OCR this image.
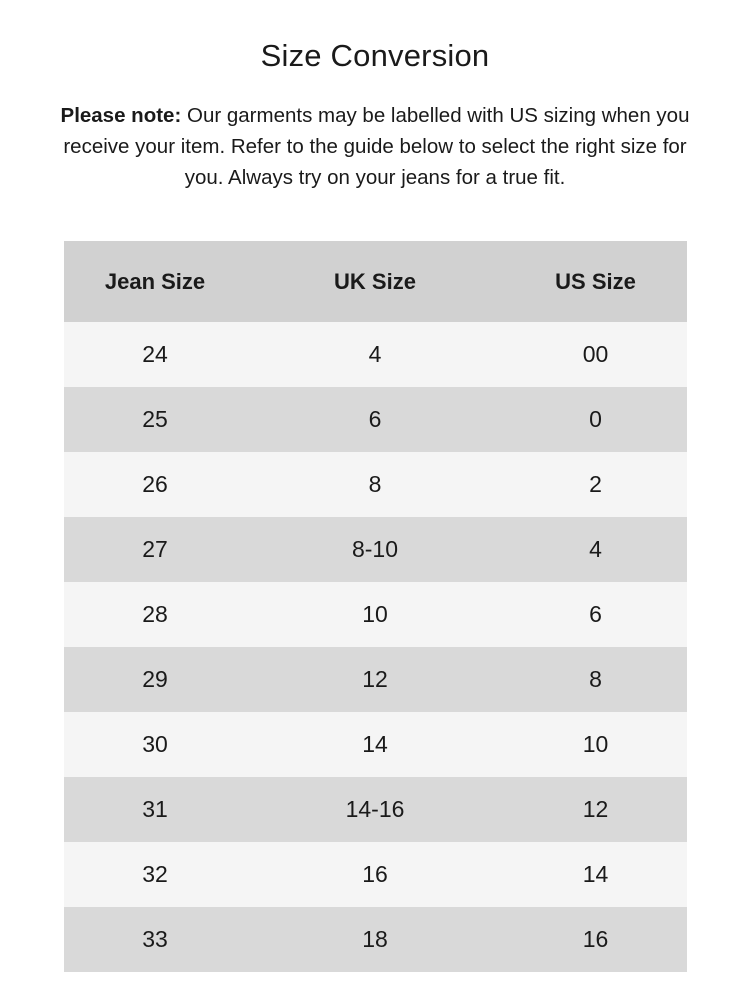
Size Conversion

Please note: Our garments may be labelled with US sizing when you receive your item. Refer to the guide below to select the right size for you. Always try on your jeans for a true fit.

Jean Size	UK Size	US Size
24	4	00
25	6	0
26	8	2
27	8-10	4
28	10	6
29	12	8
30	14	10
31	14-16	12
32	16	14
33	18	16
